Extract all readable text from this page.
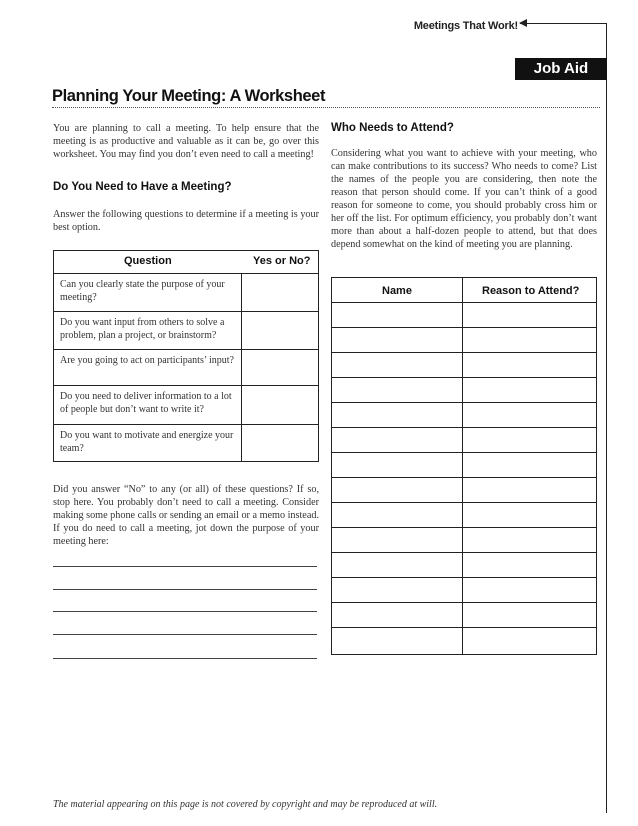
Meetings That Work!
Job Aid
Planning Your Meeting: A Worksheet

You are planning to call a meeting. To help ensure that the meeting is as productive and valuable as it can be, go over this worksheet. You may find you don’t even need to call a meeting!

Do You Need to Have a Meeting?

Answer the following questions to determine if a meeting is your best option.

Question	Yes or No?
Can you clearly state the purpose of your meeting?
Do you want input from others to solve a problem, plan a project, or brainstorm?
Are you going to act on participants’ input?
Do you need to deliver information to a lot of people but don’t want to write it?
Do you want to motivate and energize your team?

Did you answer “No” to any (or all) of these questions? If so, stop here. You probably don’t need to call a meeting. Consider making some phone calls or sending an email or a memo instead. If you do need to call a meeting, jot down the purpose of your meeting here:

Who Needs to Attend?

Considering what you want to achieve with your meeting, who can make contributions to its success? Who needs to come? List the names of the people you are considering, then note the reason that person should come. If you can’t think of a good reason for someone to come, you should probably cross him or her off the list. For optimum efficiency, you probably don’t want more than about a half-dozen people to attend, but that does depend somewhat on the kind of meeting you are planning.

Name	Reason to Attend?
The material appearing on this page is not covered by copyright and may be reproduced at will.
